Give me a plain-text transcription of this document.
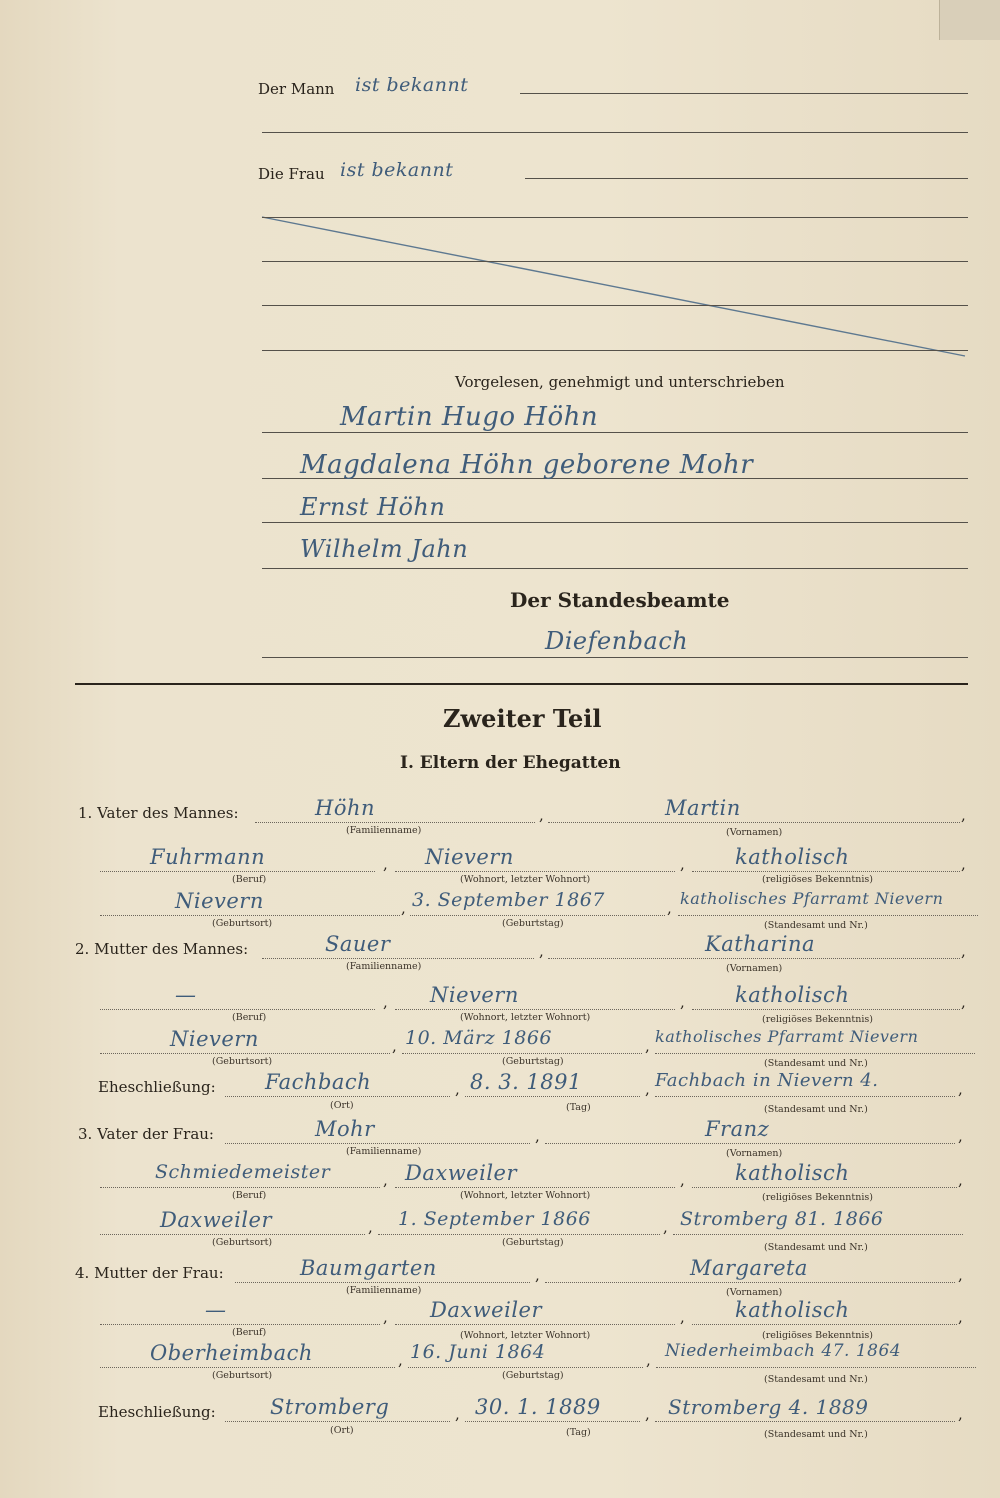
Der Mann ist bekannt
Die Frau ist bekannt
Vorgelesen, genehmigt und unterschrieben
Martin Hugo Höhn
Magdalena Höhn geborene Mohr
Ernst Höhn
Wilhelm Jahn
Der Standesbeamte
Diefenbach
Zweiter Teil
I. Eltern der Ehegatten
1. Vater des Mannes:	,	,
Höhn	Martin
(Familienname)	(Vornamen)
,	,	,
Fuhrmann	Nievern	katholisch
(Beruf)	(Wohnort, letzter Wohnort)	(religiöses Bekenntnis)
,	,
Nievern	3. September 1867	katholisches Pfarramt Nievern
(Geburtsort)	(Geburtstag)	(Standesamt und Nr.)
2. Mutter des Mannes:	,	,
Sauer	Katharina
(Familienname)	(Vornamen)
,	,	,
—	Nievern	katholisch
(Beruf)	(Wohnort, letzter Wohnort)	(religiöses Bekenntnis)
,	,
Nievern	10. März 1866	katholisches Pfarramt Nievern
(Geburtsort)	(Geburtstag)	(Standesamt und Nr.)
Eheschließung:	,	,	,
Fachbach	8. 3. 1891	Fachbach in Nievern 4.
(Ort)	(Tag)	(Standesamt und Nr.)
3. Vater der Frau:	,	,
Mohr	Franz
(Familienname)	(Vornamen)
,	,	,
Schmiedemeister	Daxweiler	katholisch
(Beruf)	(Wohnort, letzter Wohnort)	(religiöses Bekenntnis)
,	,
Daxweiler	1. September 1866	Stromberg 81. 1866
(Geburtsort)	(Geburtstag)	(Standesamt und Nr.)
4. Mutter der Frau:	,	,
Baumgarten	Margareta
(Familienname)	(Vornamen)
,	,	,
—	Daxweiler	katholisch
(Beruf)	(Wohnort, letzter Wohnort)	(religiöses Bekenntnis)
,	,
Oberheimbach	16. Juni 1864	Niederheimbach 47. 1864
(Geburtsort)	(Geburtstag)	(Standesamt und Nr.)
Eheschließung:	,	,	,
Stromberg	30. 1. 1889	Stromberg 4. 1889
(Ort)	(Tag)	(Standesamt und Nr.)
